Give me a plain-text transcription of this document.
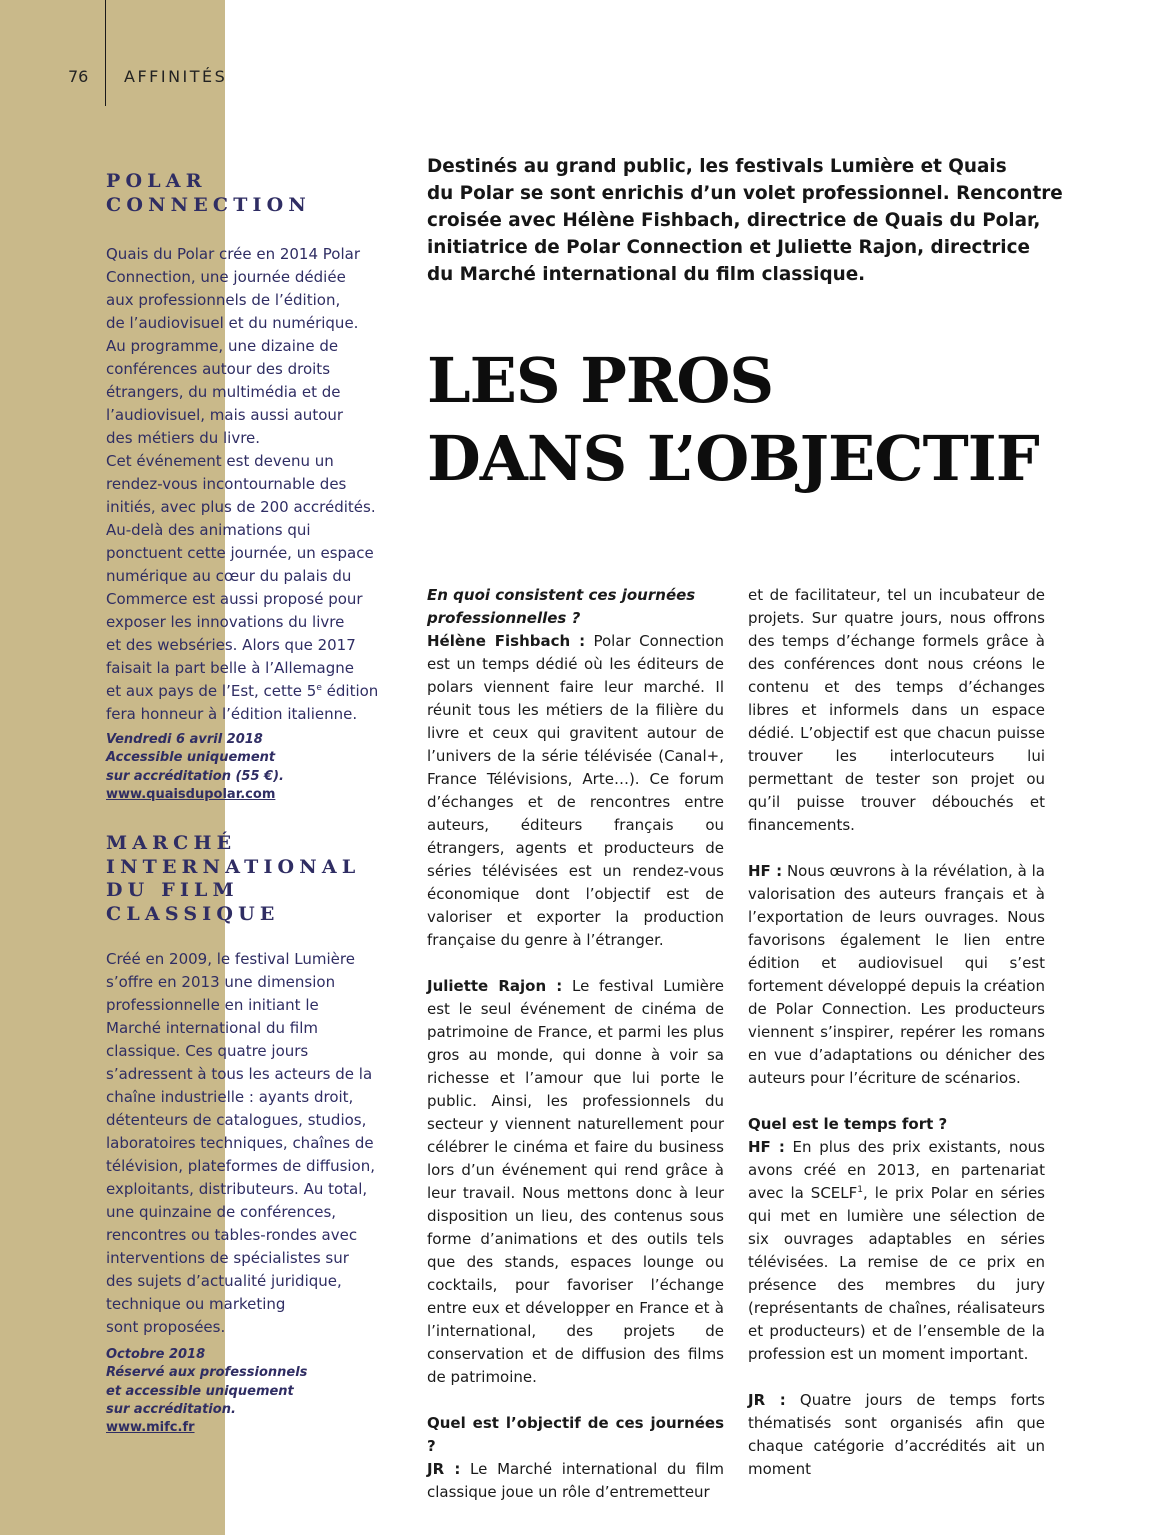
76 AFFINITÉS
POLAR
CONNECTION

Quais du Polar crée en 2014 Polar
Connection, une journée dédiée
aux professionnels de l’édition,
de l’audiovisuel et du numérique.
Au programme, une dizaine de
conférences autour des droits
étrangers, du multimédia et de
l’audiovisuel, mais aussi autour
des métiers du livre.
Cet événement est devenu un
rendez-vous incontournable des
initiés, avec plus de 200 accrédités.
Au-delà des animations qui
ponctuent cette journée, un espace
numérique au cœur du palais du
Commerce est aussi proposé pour
exposer les innovations du livre
et des webséries. Alors que 2017
faisait la part belle à l’Allemagne
et aux pays de l’Est, cette 5e édition
fera honneur à l’édition italienne.

Vendredi 6 avril 2018
Accessible uniquement
sur accréditation (55 €).

www.quaisdupolar.com

MARCHÉ
INTERNATIONAL
DU FILM CLASSIQUE

Créé en 2009, le festival Lumière
s’offre en 2013 une dimension
professionnelle en initiant le
Marché international du film
classique. Ces quatre jours
s’adressent à tous les acteurs de la
chaîne industrielle : ayants droit,
détenteurs de catalogues, studios,
laboratoires techniques, chaînes de
télévision, plateformes de diffusion,
exploitants, distributeurs. Au total,
une quinzaine de conférences,
rencontres ou tables-rondes avec
interventions de spécialistes sur
des sujets d’actualité juridique,
technique ou marketing
sont proposées.

Octobre 2018
Réservé aux professionnels
et accessible uniquement
sur accréditation.

www.mifc.fr

Destinés au grand public, les festivals Lumière et Quais
du Polar se sont enrichis d’un volet professionnel. Rencontre
croisée avec Hélène Fishbach, directrice de Quais du Polar,
initiatrice de Polar Connection et Juliette Rajon, directrice
du Marché international du film classique.

LES PROS
DANS L’OBJECTIF

En quoi consistent ces journées
professionnelles ?

Hélène Fishbach : Polar Connection est un temps dédié où les éditeurs de polars viennent faire leur marché. Il réunit tous les métiers de la filière du livre et ceux qui gravitent autour de l’univers de la série télévisée (Canal+, France Télévisions, Arte…). Ce forum d’échanges et de rencontres entre auteurs, éditeurs français ou étrangers, agents et producteurs de séries télévisées est un rendez-vous économique dont l’objectif est de valoriser et exporter la production française du genre à l’étranger.

Juliette Rajon : Le festival Lumière est le seul événement de cinéma de patrimoine de France, et parmi les plus gros au monde, qui donne à voir sa richesse et l’amour que lui porte le public. Ainsi, les professionnels du secteur y viennent naturellement pour célébrer le cinéma et faire du business lors d’un événement qui rend grâce à leur travail. Nous mettons donc à leur disposition un lieu, des contenus sous forme d’animations et des outils tels que des stands, espaces lounge ou cocktails, pour favoriser l’échange entre eux et développer en France et à l’international, des projets de conservation et de diffusion des films de patrimoine.

Quel est l’objectif de ces journées ?

JR : Le Marché international du film classique joue un rôle d’entremetteur

et de facilitateur, tel un incubateur de projets. Sur quatre jours, nous offrons des temps d’échange formels grâce à des conférences dont nous créons le contenu et des temps d’échanges libres et informels dans un espace dédié. L’objectif est que chacun puisse trouver les interlocuteurs lui permettant de tester son projet ou qu’il puisse trouver débouchés et financements.

HF : Nous œuvrons à la révélation, à la valorisation des auteurs français et à l’exportation de leurs ouvrages. Nous favorisons également le lien entre édition et audiovisuel qui s’est fortement développé depuis la création de Polar Connection. Les producteurs viennent s’inspirer, repérer les romans en vue d’adaptations ou dénicher des auteurs pour l’écriture de scénarios.

Quel est le temps fort ?

HF : En plus des prix existants, nous avons créé en 2013, en partenariat avec la SCELF$^1$, le prix Polar en séries qui met en lumière une sélection de six ouvrages adaptables en séries télévisées. La remise de ce prix en présence des membres du jury (représentants de chaînes, réalisateurs et producteurs) et de l’ensemble de la profession est un moment important.

JR : Quatre jours de temps forts thématisés sont organisés afin que chaque catégorie d’accrédités ait un moment
